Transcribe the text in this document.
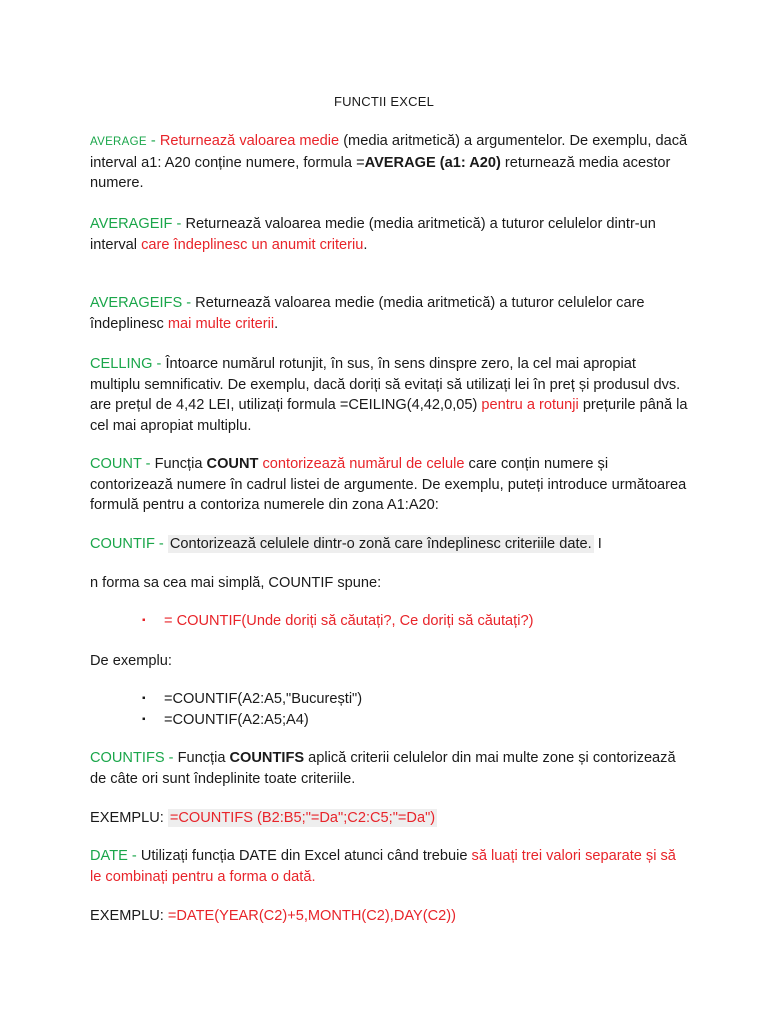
FUNCTII EXCEL

AVERAGE - Returnează valoarea medie (media aritmetică) a argumentelor. De exemplu, dacă interval a1: A20 conține numere, formula =AVERAGE (a1: A20) returnează media acestor numere.

AVERAGEIF - Returnează valoarea medie (media aritmetică) a tuturor celulelor dintr-un interval care îndeplinesc un anumit criteriu.

AVERAGEIFS - Returnează valoarea medie (media aritmetică) a tuturor celulelor care îndeplinesc mai multe criterii.

CELLING - Întoarce numărul rotunjit, în sus, în sens dinspre zero, la cel mai apropiat multiplu semnificativ. De exemplu, dacă doriți să evitați să utilizați lei în preț și produsul dvs. are prețul de 4,42 LEI, utilizați formula =CEILING(4,42,0,05) pentru a rotunji prețurile până la cel mai apropiat multiplu.

COUNT - Funcția COUNT contorizează numărul de celule care conțin numere și contorizează numere în cadrul listei de argumente. De exemplu, puteți introduce următoarea formulă pentru a contoriza numerele din zona A1:A20:

COUNTIF - Contorizează celulele dintr-o zonă care îndeplinesc criteriile date. I

n forma sa cea mai simplă, COUNTIF spune:

▪	= COUNTIF(Unde doriți să căutați?, Ce doriți să căutați?)

De exemplu:

▪	=COUNTIF(A2:A5,"București")
▪	=COUNTIF(A2:A5;A4)

COUNTIFS - Funcția COUNTIFS aplică criterii celulelor din mai multe zone și contorizează de câte ori sunt îndeplinite toate criteriile.

EXEMPLU: =COUNTIFS (B2:B5;"=Da";C2:C5;"=Da")

DATE - Utilizați funcția DATE din Excel atunci când trebuie să luați trei valori separate și să le combinați pentru a forma o dată.

EXEMPLU: =DATE(YEAR(C2)+5,MONTH(C2),DAY(C2))
